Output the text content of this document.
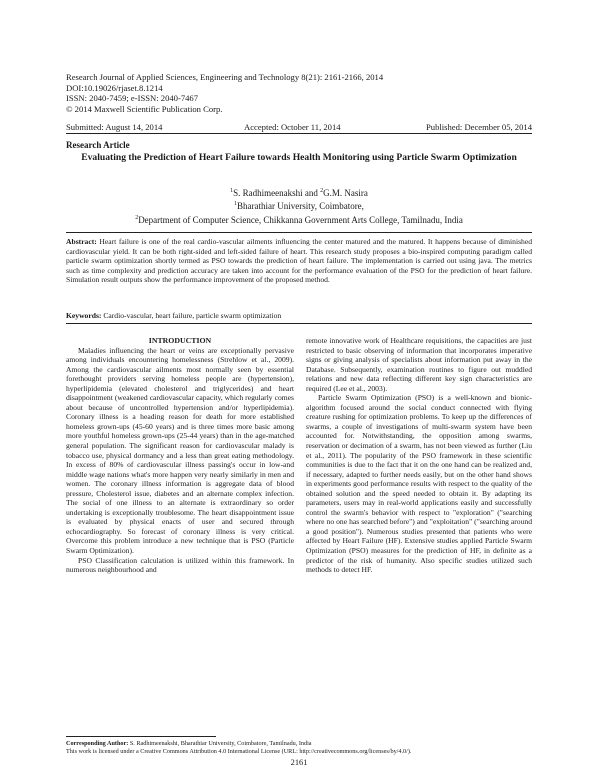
Research Journal of Applied Sciences, Engineering and Technology 8(21): 2161-2166, 2014
DOI:10.19026/rjaset.8.1214
ISSN: 2040-7459; e-ISSN: 2040-7467
© 2014 Maxwell Scientific Publication Corp.
Submitted: August 14, 2014	Accepted: October 11, 2014	Published: December 05, 2014
Research Article
Evaluating the Prediction of Heart Failure towards Health Monitoring using Particle Swarm Optimization
$^1$S. Radhimeenakshi and $^2$G.M. Nasira
$^1$Bharathiar University, Coimbatore,
$^2$Department of Computer Science, Chikkanna Government Arts College, Tamilnadu, India
Abstract: Heart failure is one of the real cardio-vascular ailments influencing the center matured and the matured. It happens because of diminished cardiovascular yield. It can be both right-sided and left-sided failure of heart. This research study proposes a bio-inspired computing paradigm called particle swarm optimization shortly termed as PSO towards the prediction of heart failure. The implementation is carried out using java. The metrics such as time complexity and prediction accuracy are taken into account for the performance evaluation of the PSO for the prediction of heart failure. Simulation result outputs show the performance improvement of the proposed method.
Keywords: Cardio-vascular, heart failure, particle swarm optimization

INTRODUCTION

Maladies influencing the heart or veins are exceptionally pervasive among individuals encountering homelessness (Strehlow et al., 2009). Among the cardiovascular ailments most normally seen by essential forethought providers serving homeless people are (hypertension), hyperlipidemia (elevated cholesterol and triglycerides) and heart disappointment (weakened cardiovascular capacity, which regularly comes about because of uncontrolled hypertension and/or hyperlipidemia). Coronary illness is a heading reason for death for more established homeless grown-ups (45-60 years) and is three times more basic among more youthful homeless grown-ups (25-44 years) than in the age-matched general population. The significant reason for cardiovascular malady is tobacco use, physical dormancy and a less than great eating methodology. In excess of 80% of cardiovascular illness passing's occur in low-and middle wage nations what's more happen very nearly similarly in men and women. The coronary illness information is aggregate data of blood pressure, Cholesterol issue, diabetes and an alternate complex infection. The social of one illness to an alternate is extraordinary so order undertaking is exceptionally troublesome. The heart disappointment issue is evaluated by physical enacts of user and secured through echocardiography. So forecast of coronary illness is very critical. Overcome this problem introduce a new technique that is PSO (Particle Swarm Optimization).

PSO Classification calculation is utilized within this framework. In numerous neighbourhood and

remote innovative work of Healthcare requisitions, the capacities are just restricted to basic observing of information that incorporates imperative signs or giving analysis of specialists about information put away in the Database. Subsequently, examination routines to figure out muddled relations and new data reflecting different key sign characteristics are required (Lee et al., 2003).

Particle Swarm Optimization (PSO) is a well-known and bionic-algorithm focused around the social conduct connected with flying creature rushing for optimization problems. To keep up the differences of swarms, a couple of investigations of multi-swarm system have been accounted for. Notwithstanding, the opposition among swarms, reservation or decimation of a swarm, has not been viewed as further (Liu et al., 2011). The popularity of the PSO framework in these scientific communities is due to the fact that it on the one hand can be realized and, if necessary, adapted to further needs easily, but on the other hand shows in experiments good performance results with respect to the quality of the obtained solution and the speed needed to obtain it. By adapting its parameters, users may in real-world applications easily and successfully control the swarm's behavior with respect to "exploration" ("searching where no one has searched before") and "exploitation" ("searching around a good position"). Numerous studies presented that patients who were affected by Heart Failure (HF). Extensive studies applied Particle Swarm Optimization (PSO) measures for the prediction of HF, in definite as a predictor of the risk of humanity. Also specific studies utilized such methods to detect HF.

Corresponding Author: S. Radhimeenakshi, Bharathiar University, Coimbatore, Tamilnadu, India
This work is licensed under a Creative Commons Attribution 4.0 International License (URL: http://creativecommons.org/licenses/by/4.0/).
2161
